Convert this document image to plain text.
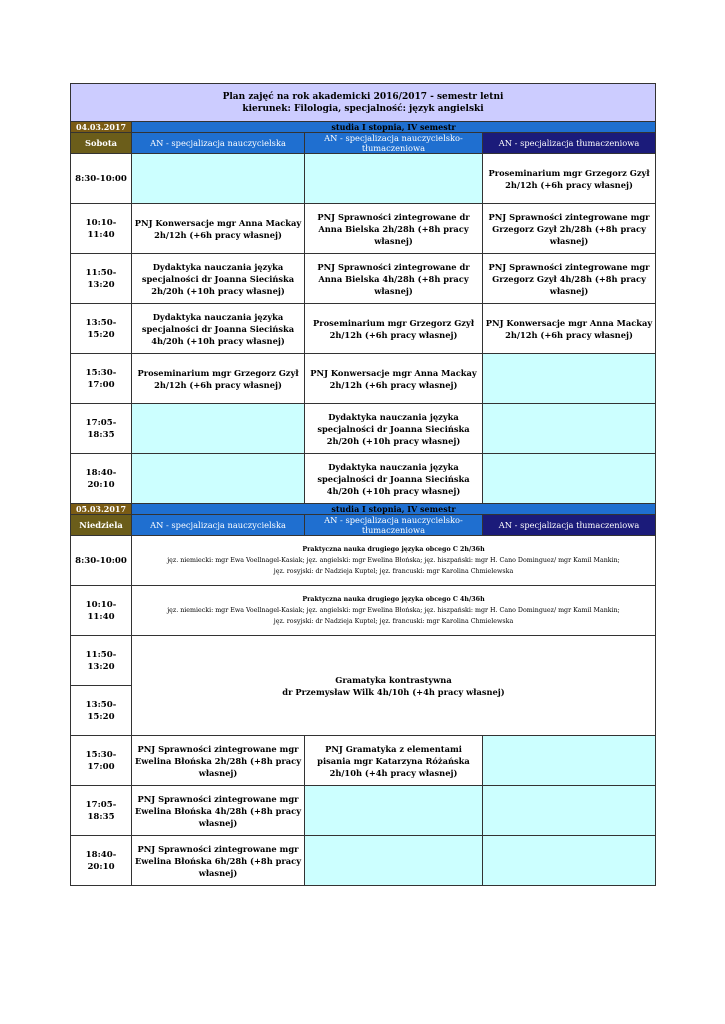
Plan zajęć na rok akademicki 2016/2017 - semestr letni
kierunek: Filologia, specjalność: język angielski			

04.03.2017	studia I stopnia, IV semestr		
Sobota	AN - specjalizacja nauczycielska	AN - specjalizacja nauczycielsko-tłumaczeniowa	AN - specjalizacja tłumaczeniowa
8:30-10:00			Proseminarium mgr Grzegorz Gzył 2h/12h (+6h pracy własnej)
10:10-11:40	PNJ Konwersacje mgr Anna Mackay 2h/12h (+6h pracy własnej)	PNJ Sprawności zintegrowane dr Anna Bielska 2h/28h (+8h pracy własnej)	PNJ Sprawności zintegrowane mgr Grzegorz Gzył 2h/28h (+8h pracy własnej)
11:50-13:20	Dydaktyka nauczania języka specjalności dr Joanna Siecińska 2h/20h (+10h pracy własnej)	PNJ Sprawności zintegrowane dr Anna Bielska 4h/28h (+8h pracy własnej)	PNJ Sprawności zintegrowane mgr Grzegorz Gzył 4h/28h (+8h pracy własnej)
13:50-15:20	Dydaktyka nauczania języka specjalności dr Joanna Siecińska 4h/20h (+10h pracy własnej)	Proseminarium mgr Grzegorz Gzył 2h/12h (+6h pracy własnej)	PNJ Konwersacje mgr Anna Mackay 2h/12h (+6h pracy własnej)
15:30-17:00	Proseminarium mgr Grzegorz Gzył 2h/12h (+6h pracy własnej)	PNJ Konwersacje mgr Anna Mackay 2h/12h (+6h pracy własnej)	
17:05-18:35		Dydaktyka nauczania języka specjalności dr Joanna Siecińska 2h/20h (+10h pracy własnej)	
18:40-20:10		Dydaktyka nauczania języka specjalności dr Joanna Siecińska 4h/20h (+10h pracy własnej)	
05.03.2017	studia I stopnia, IV semestr		
Niedziela	AN - specjalizacja nauczycielska	AN - specjalizacja nauczycielsko-tłumaczeniowa	AN - specjalizacja tłumaczeniowa
8:30-10:00	Praktyczna nauka drugiego języka obcego C 2h/36h
jęz. niemiecki: mgr Ewa Voellnagel-Kasiak; jęz. angielski: mgr Ewelina Błońska; jęz. hiszpański: mgr H. Cano Dominguez/ mgr Kamil Mankin;
jęz. rosyjski: dr Nadzieja Kuptel; jęz. francuski: mgr Karolina Chmielewska		

10:10-11:40	Praktyczna nauka drugiego języka obcego C 4h/36h
jęz. niemiecki: mgr Ewa Voellnagel-Kasiak; jęz. angielski: mgr Ewelina Błońska; jęz. hiszpański: mgr H. Cano Dominguez/ mgr Kamil Mankin;
jęz. rosyjski: dr Nadzieja Kuptel; jęz. francuski: mgr Karolina Chmielewska		

11:50-13:20	Gramatyka kontrastywna
dr Przemysław Wilk 4h/10h (+4h pracy własnej)		

13:50-15:20			
15:30-17:00	PNJ Sprawności zintegrowane mgr Ewelina Błońska 2h/28h (+8h pracy własnej)	PNJ Gramatyka z elementami pisania mgr Katarzyna Różańska 2h/10h (+4h pracy własnej)	
17:05-18:35	PNJ Sprawności zintegrowane mgr Ewelina Błońska 4h/28h (+8h pracy własnej)		
18:40-20:10	PNJ Sprawności zintegrowane mgr Ewelina Błońska 6h/28h (+8h pracy własnej)		
